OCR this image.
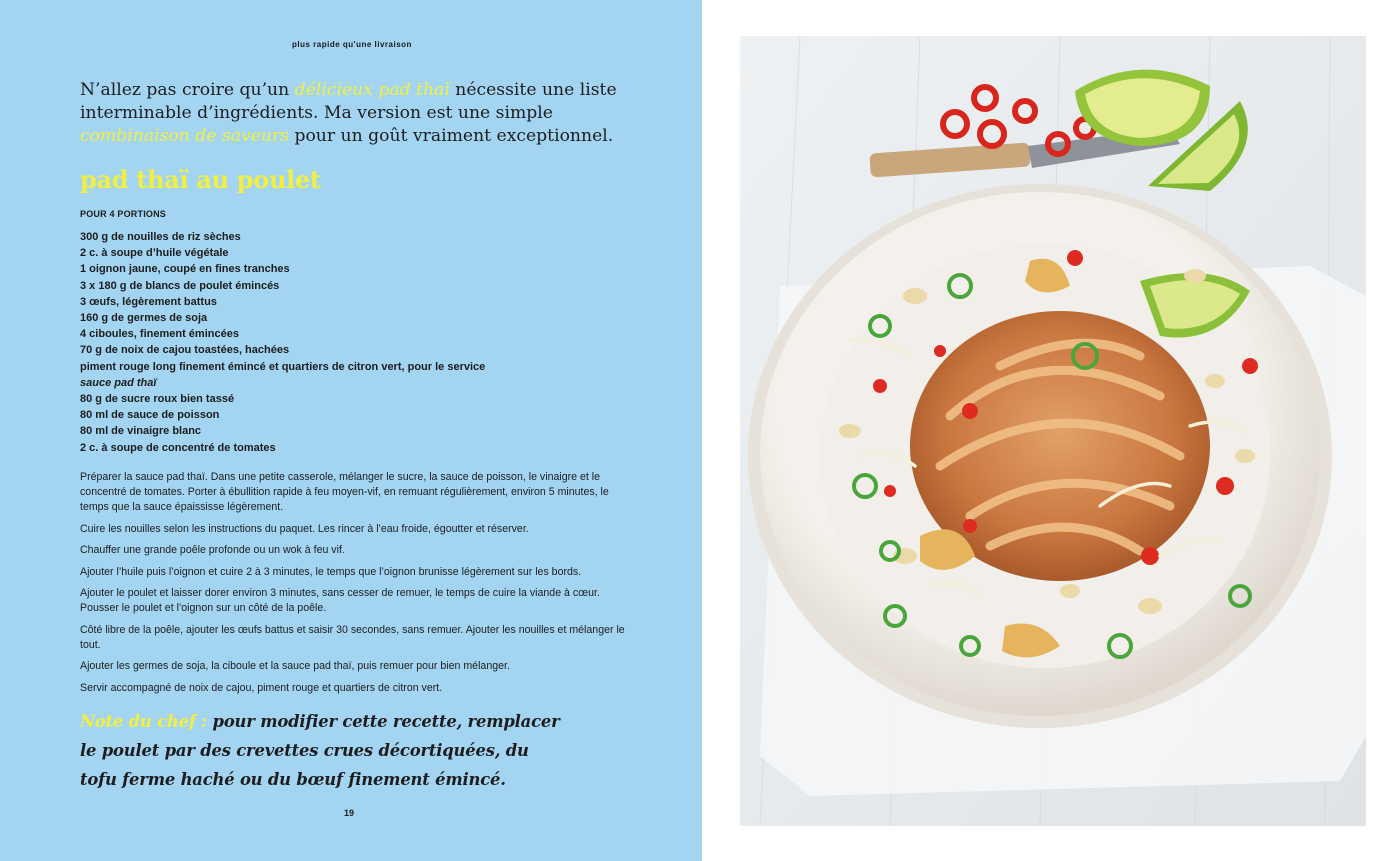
plus rapide qu'une livraison

N’allez pas croire qu’un délicieux pad thaï nécessite une liste interminable d’ingrédients. Ma version est une simple combinaison de saveurs pour un goût vraiment exceptionnel.

pad thaï au poulet
POUR 4 PORTIONS
300 g de nouilles de riz sèches
2 c. à soupe d’huile végétale
1 oignon jaune, coupé en fines tranches
3 x 180 g de blancs de poulet émincés
3 œufs, légèrement battus
160 g de germes de soja
4 ciboules, finement émincées
70 g de noix de cajou toastées, hachées
piment rouge long finement émincé et quartiers de citron vert, pour le service
sauce pad thaï
80 g de sucre roux bien tassé
80 ml de sauce de poisson
80 ml de vinaigre blanc
2 c. à soupe de concentré de tomates

Préparer la sauce pad thaï. Dans une petite casserole, mélanger le sucre, la sauce de poisson, le vinaigre et le concentré de tomates. Porter à ébullition rapide à feu moyen-vif, en remuant régulièrement, environ 5 minutes, le temps que la sauce épaississe légèrement.

Cuire les nouilles selon les instructions du paquet. Les rincer à l’eau froide, égoutter et réserver.

Chauffer une grande poêle profonde ou un wok à feu vif.

Ajouter l’huile puis l’oignon et cuire 2 à 3 minutes, le temps que l’oignon brunisse légèrement sur les bords.

Ajouter le poulet et laisser dorer environ 3 minutes, sans cesser de remuer, le temps de cuire la viande à cœur. Pousser le poulet et l’oignon sur un côté de la poêle.

Côté libre de la poêle, ajouter les œufs battus et saisir 30 secondes, sans remuer. Ajouter les nouilles et mélanger le tout.

Ajouter les germes de soja, la ciboule et la sauce pad thaï, puis remuer pour bien mélanger.

Servir accompagné de noix de cajou, piment rouge et quartiers de citron vert.

Note du chef : pour modifier cette recette, remplacer le poulet par des crevettes crues décortiquées, du tofu ferme haché ou du bœuf finement émincé.

19
